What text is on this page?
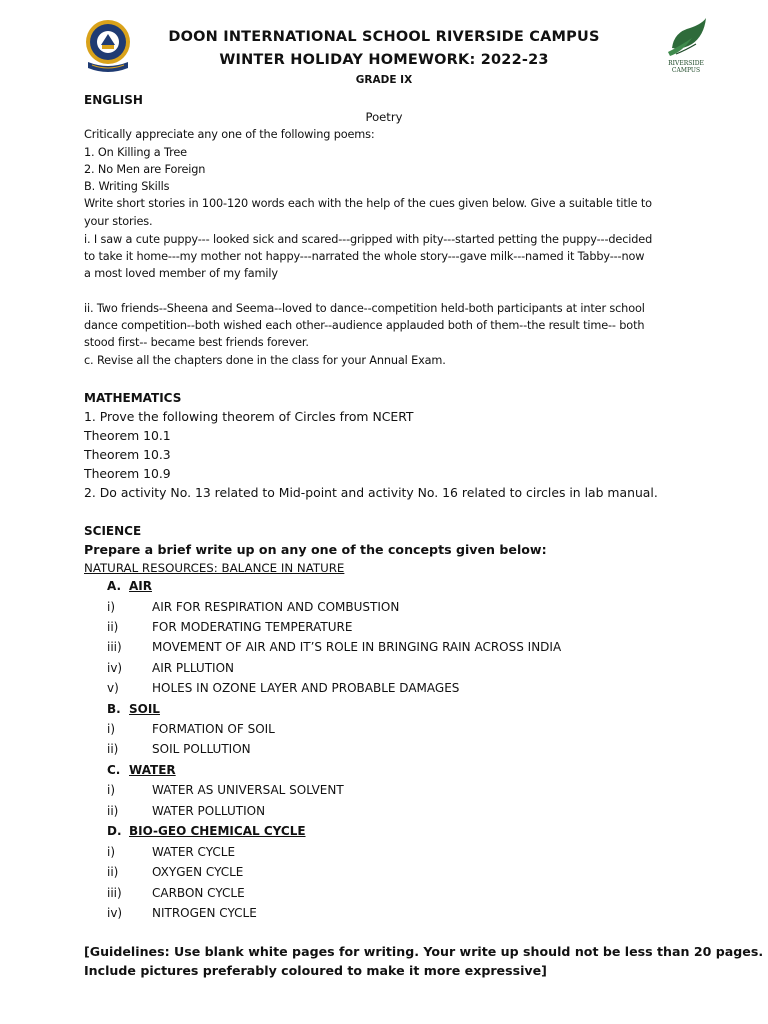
RIVERSIDE CAMPUS
DOON INTERNATIONAL SCHOOL RIVERSIDE CAMPUS
WINTER HOLIDAY HOMEWORK: 2022-23
GRADE IX
ENGLISH
Poetry
Critically appreciate any one of the following poems:
1. On Killing a Tree
2. No Men are Foreign
B. Writing Skills
Write short stories in 100-120 words each with the help of the cues given below. Give a suitable title to
your stories.
i. I saw a cute puppy--- looked sick and scared---gripped with pity---started petting the puppy---decided
to take it home---my mother not happy---narrated the whole story---gave milk---named it Tabby---now
a most loved member of my family
ii. Two friends--Sheena and Seema--loved to dance--competition held-both participants at inter school
dance competition--both wished each other--audience applauded both of them--the result time-- both
stood first-- became best friends forever.
c. Revise all the chapters done in the class for your Annual Exam.
MATHEMATICS
1. Prove the following theorem of Circles from NCERT
Theorem 10.1
Theorem 10.3
Theorem 10.9
2. Do activity No. 13 related to Mid-point and activity No. 16 related to circles in lab manual.
SCIENCE
Prepare a brief write up on any one of the concepts given below:
NATURAL RESOURCES: BALANCE IN NATURE
A. AIR
i)	AIR FOR RESPIRATION AND COMBUSTION
ii)	FOR MODERATING TEMPERATURE
iii)	MOVEMENT OF AIR AND IT’S ROLE IN BRINGING RAIN ACROSS INDIA
iv) AIR PLLUTION
v)	HOLES IN OZONE LAYER AND PROBABLE DAMAGES
B. SOIL
i)	FORMATION OF SOIL
ii)	SOIL POLLUTION
C. WATER
i)	WATER AS UNIVERSAL SOLVENT
ii)	WATER POLLUTION
D. BIO-GEO CHEMICAL CYCLE
i)	WATER CYCLE
ii)	OXYGEN CYCLE
iii)	CARBON CYCLE
iv) NITROGEN CYCLE
[Guidelines: Use blank white pages for writing. Your write up should not be less than 20 pages.
Include pictures preferably coloured to make it more expressive]
